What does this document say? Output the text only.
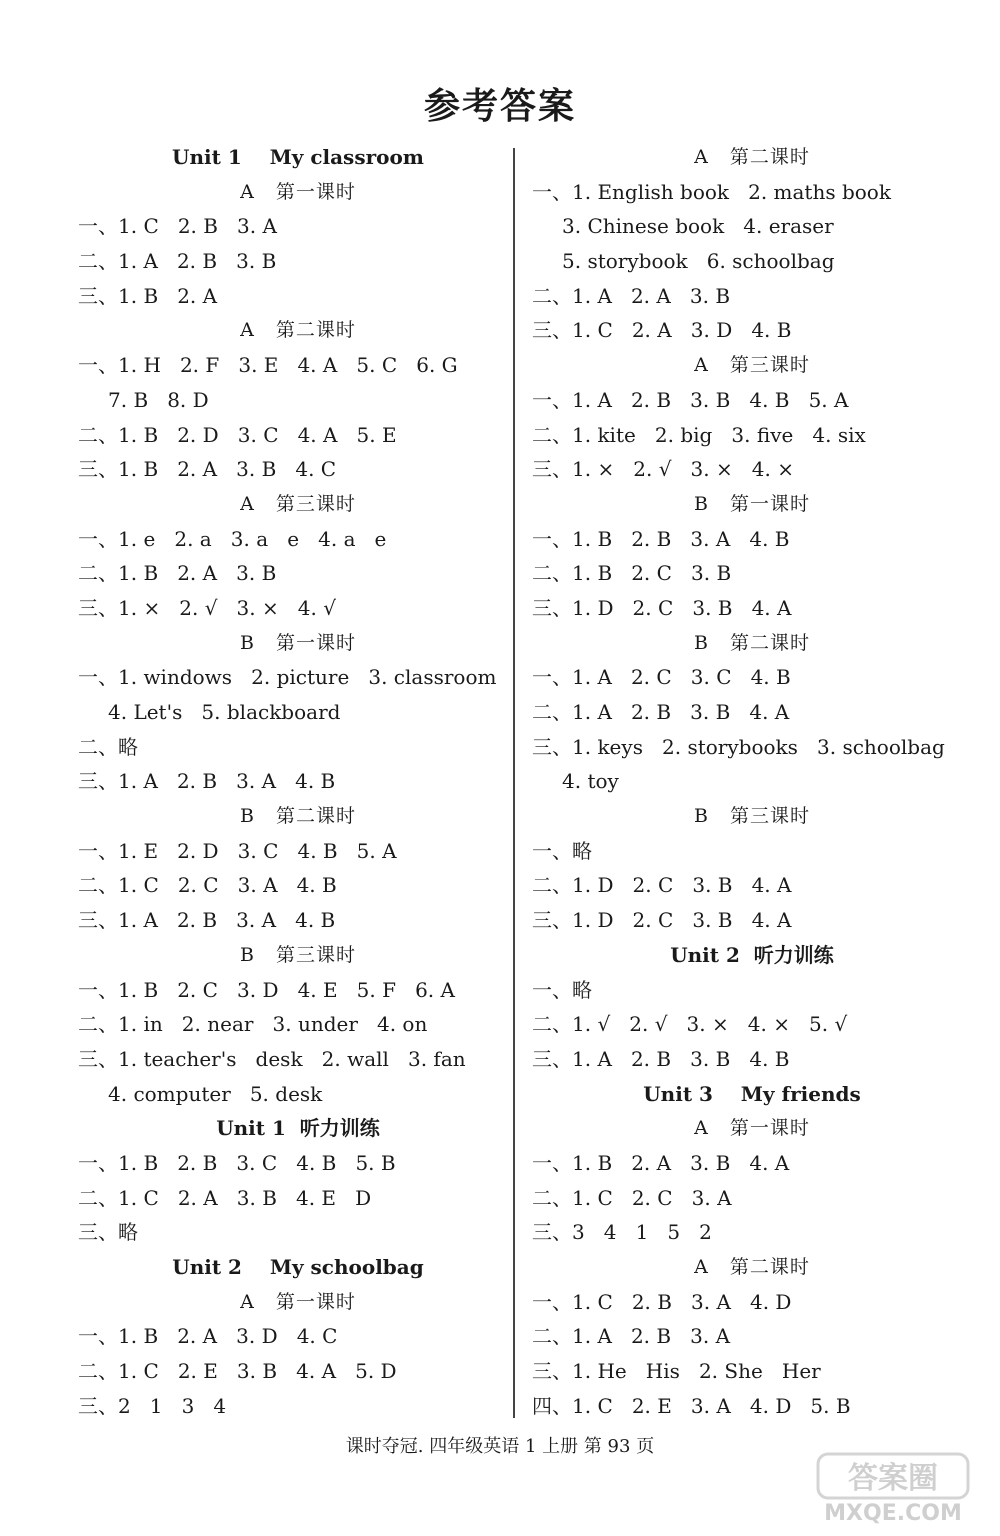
参考答案
Unit 1    My classroom
A   第一课时
一、1. C   2. B   3. A
二、1. A   2. B   3. B
三、1. B   2. A
A   第二课时
一、1. H   2. F   3. E   4. A   5. C   6. G
7. B   8. D
二、1. B   2. D   3. C   4. A   5. E
三、1. B   2. A   3. B   4. C
A   第三课时
一、1. e   2. a   3. a   e   4. a   e
二、1. B   2. A   3. B
三、1. ×   2. √   3. ×   4. √
B   第一课时
一、1. windows   2. picture   3. classroom
4. Let's   5. blackboard
二、略
三、1. A   2. B   3. A   4. B
B   第二课时
一、1. E   2. D   3. C   4. B   5. A
二、1. C   2. C   3. A   4. B
三、1. A   2. B   3. A   4. B
B   第三课时
一、1. B   2. C   3. D   4. E   5. F   6. A
二、1. in   2. near   3. under   4. on
三、1. teacher's   desk   2. wall   3. fan
4. computer   5. desk
Unit 1  听力训练
一、1. B   2. B   3. C   4. B   5. B
二、1. C   2. A   3. B   4. E   D
三、略
Unit 2    My schoolbag
A   第一课时
一、1. B   2. A   3. D   4. C
二、1. C   2. E   3. B   4. A   5. D
三、2   1   3   4
A   第二课时
一、1. English book   2. maths book
3. Chinese book   4. eraser
5. storybook   6. schoolbag
二、1. A   2. A   3. B
三、1. C   2. A   3. D   4. B
A   第三课时
一、1. A   2. B   3. B   4. B   5. A
二、1. kite   2. big   3. five   4. six
三、1. ×   2. √   3. ×   4. ×
B   第一课时
一、1. B   2. B   3. A   4. B
二、1. B   2. C   3. B
三、1. D   2. C   3. B   4. A
B   第二课时
一、1. A   2. C   3. C   4. B
二、1. A   2. B   3. B   4. A
三、1. keys   2. storybooks   3. schoolbag
4. toy
B   第三课时
一、略
二、1. D   2. C   3. B   4. A
三、1. D   2. C   3. B   4. A
Unit 2  听力训练
一、略
二、1. √   2. √   3. ×   4. ×   5. √
三、1. A   2. B   3. B   4. B
Unit 3    My friends
A   第一课时
一、1. B   2. A   3. B   4. A
二、1. C   2. C   3. A
三、3   4   1   5   2
A   第二课时
一、1. C   2. B   3. A   4. D
二、1. A   2. B   3. A
三、1. He   His   2. She   Her
四、1. C   2. E   3. A   4. D   5. B
课时夺冠. 四年级英语 1 上册 第 93 页
答案圈
MXQE.COM
